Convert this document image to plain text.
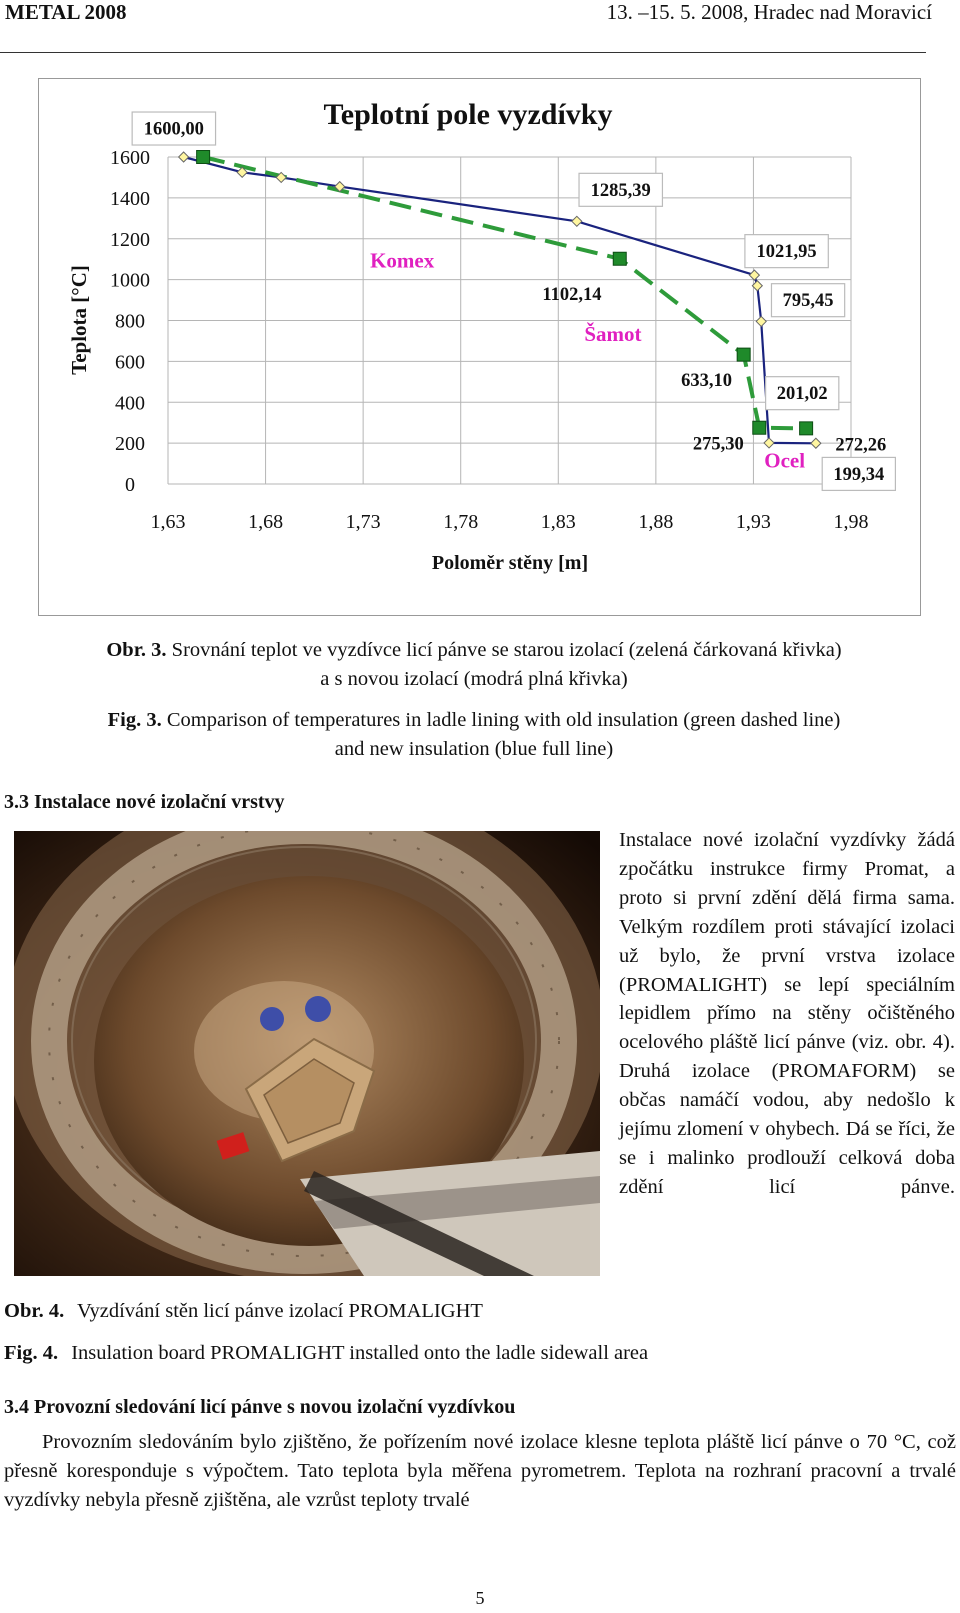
METAL 2008	13. –15. 5. 2008, Hradec nad Moravicí
0
200
400
600
800
1000
1200
1400
1600
1,63	1,68	1,73	1,78	1,83	1,88	1,93	1,98
Teplotní pole vyzdívky
Poloměr stěny [m]
Teplota [°C]
Komex
Šamot
Ocel
1600,00
1285,39
1102,14
1021,95
795,45
633,10
201,02
275,30	272,26
199,34
Obr. 3. Srovnání teplot ve vyzdívce licí pánve se starou izolací (zelená čárkovaná křivka)
a s novou izolací (modrá plná křivka)
Fig. 3. Comparison of temperatures in ladle lining with old insulation (green dashed line)
and new insulation (blue full line)
3.3 Instalace nové izolační vrstvy
Instalace nové izolační vyzdívky žádá zpočátku instrukce firmy Promat, a proto si první zdění dělá firma sama. Velkým rozdílem proti stávající izolaci už bylo, že první vrstva izolace (PROMALIGHT) se lepí speciálním lepidlem přímo na stěny očištěného ocelového pláště licí pánve (viz. obr. 4). Druhá izolace (PROMAFORM) se občas namáčí vodou, aby nedošlo k jejímu zlomení v ohybech. Dá se říci, že se i malinko prodlouží celková doba zdění licí pánve.
Obr. 4. Vyzdívání stěn licí pánve izolací PROMALIGHT
Fig. 4. Insulation board PROMALIGHT installed onto the ladle sidewall area
3.4 Provozní sledování licí pánve s novou izolační vyzdívkou
Provozním sledováním bylo zjištěno, že pořízením nové izolace klesne teplota pláště licí pánve o 70 °C, což přesně koresponduje s výpočtem. Tato teplota byla měřena pyrometrem. Teplota na rozhraní pracovní a trvalé vyzdívky nebyla přesně zjištěna, ale vzrůst teploty trvalé
5
